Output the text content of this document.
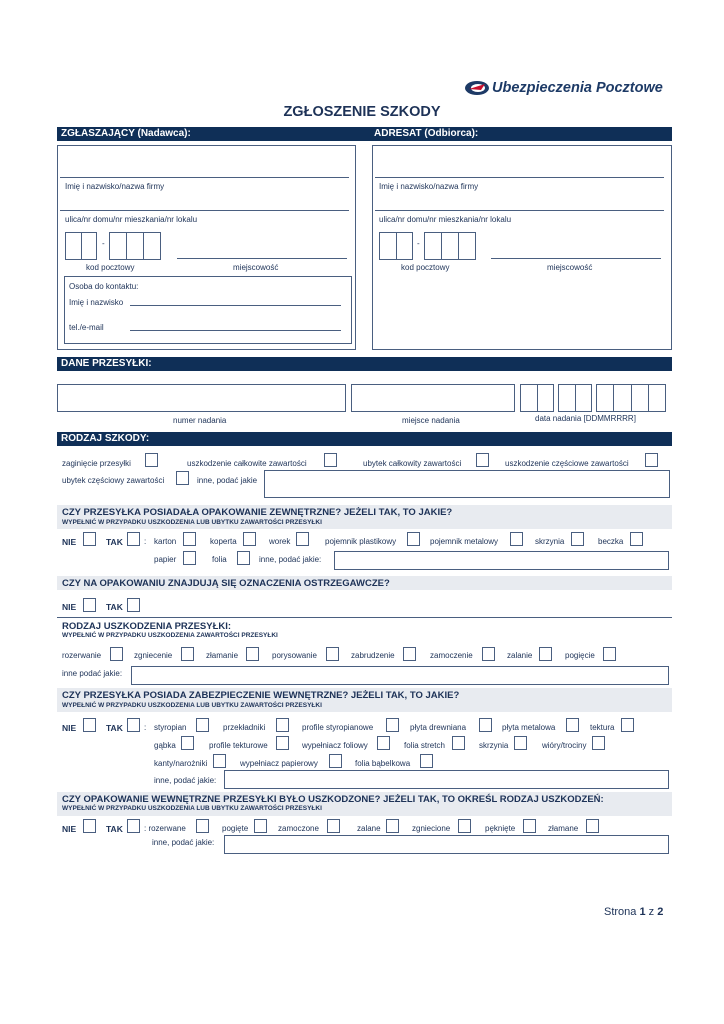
Ubezpieczenia Pocztowe
ZGŁOSZENIE SZKODY
ZGŁASZAJĄCY (Nadawca):	ADRESAT (Odbiorca):
Imię i nazwisko/nazwa firmy
ulica/nr domu/nr mieszkania/nr lokalu
-
kod pocztowy	miejscowość
Osoba do kontaktu:
Imię i nazwisko
tel./e-mail
Imię i nazwisko/nazwa firmy
ulica/nr domu/nr mieszkania/nr lokalu
-
kod pocztowy	miejscowość
DANE PRZESYŁKI:
numer nadania	miejsce nadania	data nadania [DDMMRRRR]
RODZAJ SZKODY:
zaginięcie przesyłki	uszkodzenie całkowite zawartości	ubytek całkowity zawartości	uszkodzenie częściowe zawartości
ubytek częściowy zawartości	inne, podać jakie
CZY PRZESYŁKA POSIADAŁA OPAKOWANIE ZEWNĘTRZNE? JEŻELI TAK, TO JAKIE?
WYPEŁNIĆ W PRZYPADKU USZKODZENIA LUB UBYTKU ZAWARTOŚCI PRZESYŁKI
NIE	TAK	: karton	koperta	worek	pojemnik plastikowy	pojemnik metalowy	skrzynia	beczka
papier	folia	inne, podać jakie:
CZY NA OPAKOWANIU ZNAJDUJĄ SIĘ OZNACZENIA OSTRZEGAWCZE?
NIE	TAK
RODZAJ USZKODZENIA PRZESYŁKI:
WYPEŁNIĆ W PRZYPADKU USZKODZENIA ZAWARTOŚCI PRZESYŁKI
rozerwanie	zgniecenie	złamanie	porysowanie	zabrudzenie	zamoczenie	zalanie	pogięcie
inne podać jakie:
CZY PRZESYŁKA POSIADA ZABEZPIECZENIE WEWNĘTRZNE? JEŻELI TAK, TO JAKIE?
WYPEŁNIĆ W PRZYPADKU USZKODZENIA LUB UBYTKU ZAWARTOŚCI PRZESYŁKI
NIE	TAK	: styropian	przekładniki	profile styropianowe	płyta drewniana	płyta metalowa	tektura
gąbka	profile tekturowe	wypełniacz foliowy	folia stretch	skrzynia	wióry/trociny
kanty/narożniki	wypełniacz papierowy	folia bąbelkowa
inne, podać jakie:
CZY OPAKOWANIE WEWNĘTRZNE PRZESYŁKI BYŁO USZKODZONE? JEŻELI TAK, TO OKREŚL RODZAJ USZKODZEŃ:
WYPEŁNIĆ W PRZYPADKU USZKODZENIA LUB UBYTKU ZAWARTOŚCI PRZESYŁKI
NIE	TAK	: rozerwane	pogięte	zamoczone	zalane	zgniecione	pęknięte	złamane
inne, podać jakie:
Strona 1 z 2
